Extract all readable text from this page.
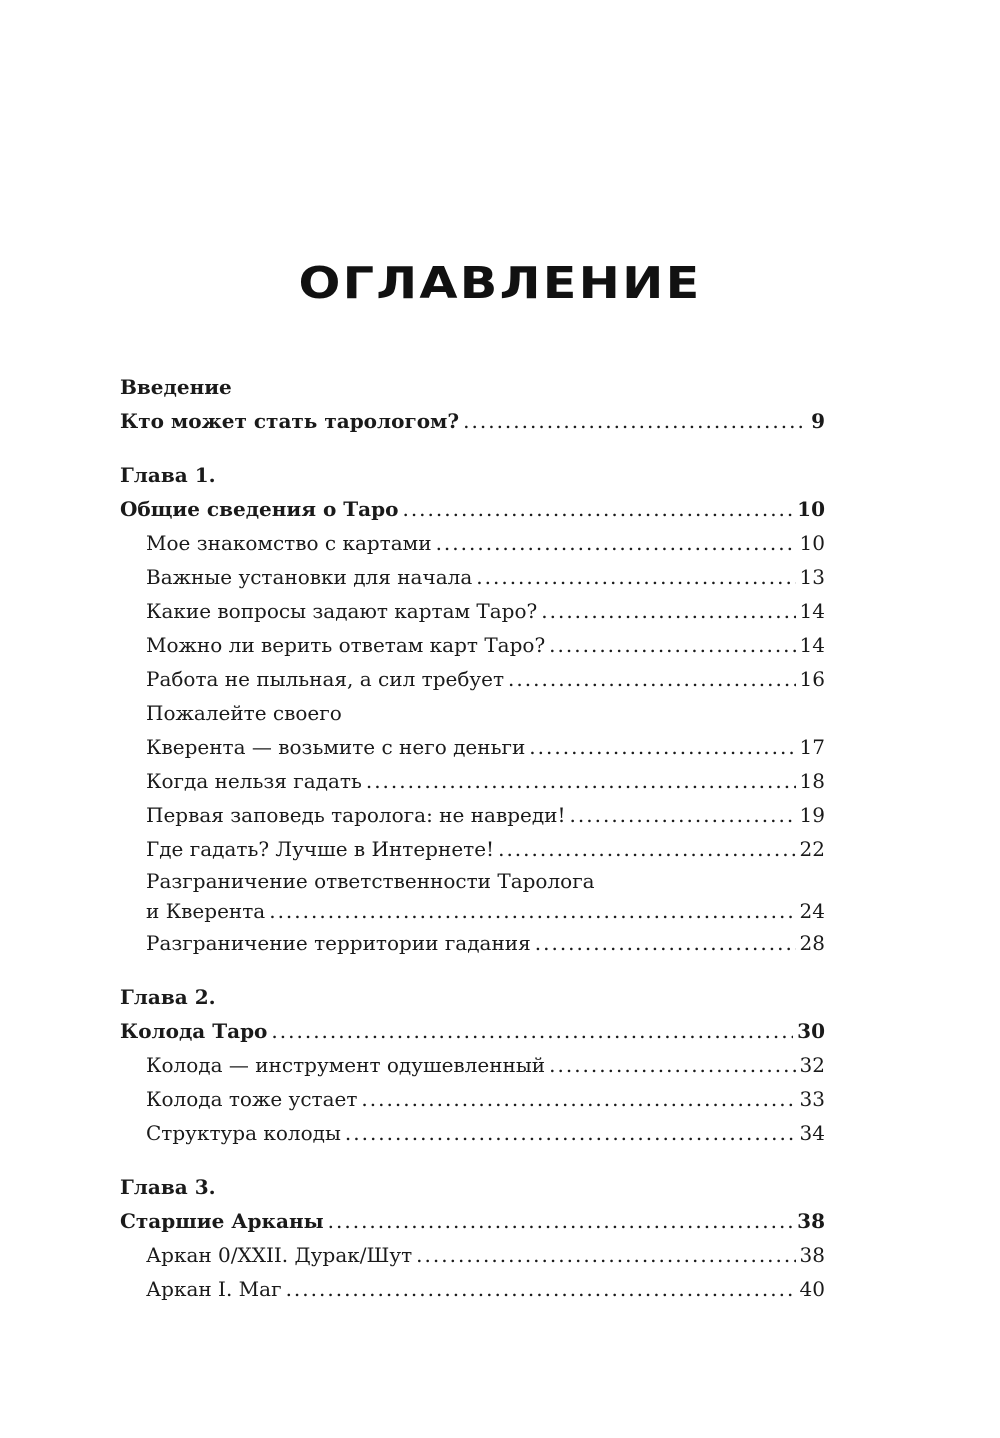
ОГЛАВЛЕНИЕ
Введение
Кто может стать тарологом? .....	9
Глава 1.
Общие сведения о Таро .....	10
Мое знакомство с картами .....	10
Важные установки для начала .....	13
Какие вопросы задают картам Таро? .....	14
Можно ли верить ответам карт Таро? .....	14
Работа не пыльная, а сил требует .....	16
Пожалейте своего
Кверента — возьмите с него деньги .....	17
Когда нельзя гадать .....	18
Первая заповедь таролога: не навреди! .....	19
Где гадать? Лучше в Интернете! .....	22
Разграничение ответственности Таролога
и Кверента .....	24
Разграничение территории гадания .....	28
Глава 2.
Колода Таро .....	30
Колода — инструмент одушевленный .....	32
Колода тоже устает .....	33
Структура колоды .....	34
Глава 3.
Старшие Арканы .....	38
Аркан 0/XXII. Дурак/Шут .....	38
Аркан I. Маг .....	40
